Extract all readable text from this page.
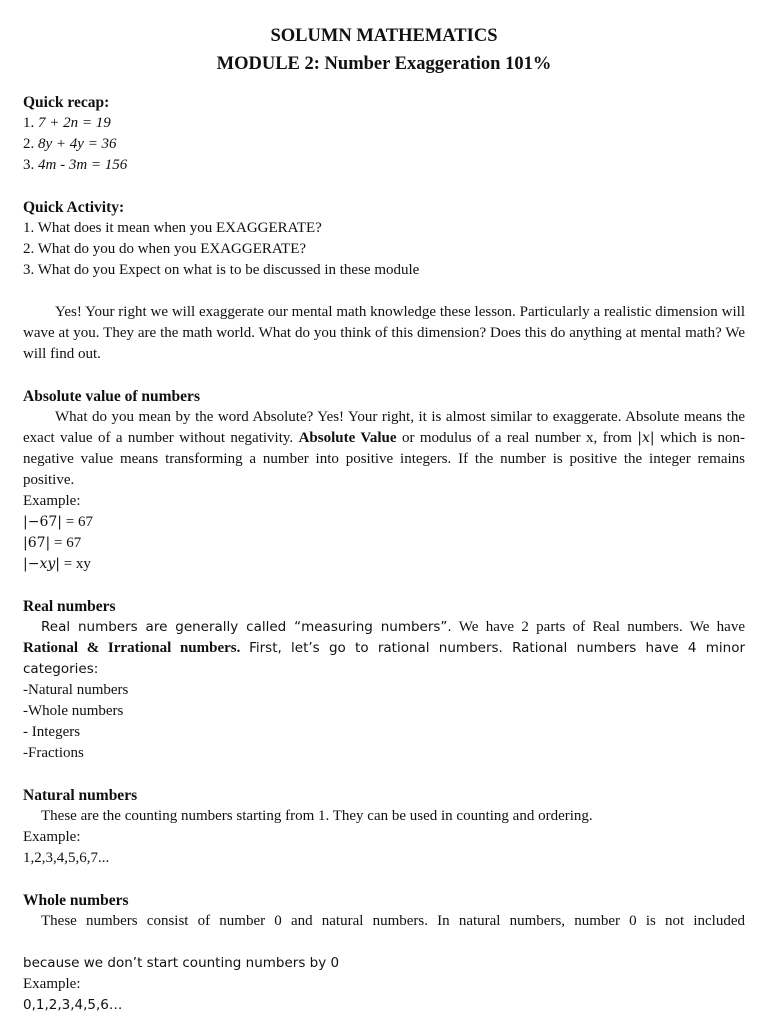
SOLUMN MATHEMATICS
MODULE 2: Number Exaggeration 101%
Quick recap:
1. 7 + 2n = 19
2. 8y + 4y = 36
3. 4m - 3m = 156
Quick Activity:
1. What does it mean when you EXAGGERATE?
2. What do you do when you EXAGGERATE?
3. What do you Expect on what is to be discussed in these module
Yes! Your right we will exaggerate our mental math knowledge these lesson. Particularly a realistic dimension will wave at you. They are the math world. What do you think of this dimension? Does this do anything at mental math? We will find out.
Absolute value of numbers
What do you mean by the word Absolute? Yes! Your right, it is almost similar to exaggerate. Absolute means the exact value of a number without negativity. Absolute Value or modulus of a real number x, from |x| which is non-negative value means transforming a number into positive integers. If the number is positive the integer remains positive.
Example:
|−67| = 67
|67| = 67
|−xy| = xy
Real numbers
Real numbers are generally called “measuring numbers”. We have 2 parts of Real numbers. We have Rational & Irrational numbers. First, let’s go to rational numbers. Rational numbers have 4 minor categories:
-Natural numbers
-Whole numbers
- Integers
-Fractions
Natural numbers
These are the counting numbers starting from 1. They can be used in counting and ordering.
Example:
1,2,3,4,5,6,7...
Whole numbers
These numbers consist of number 0 and natural numbers. In natural numbers, number 0 is not included
because we don’t start counting numbers by 0
Example:
0,1,2,3,4,5,6…
